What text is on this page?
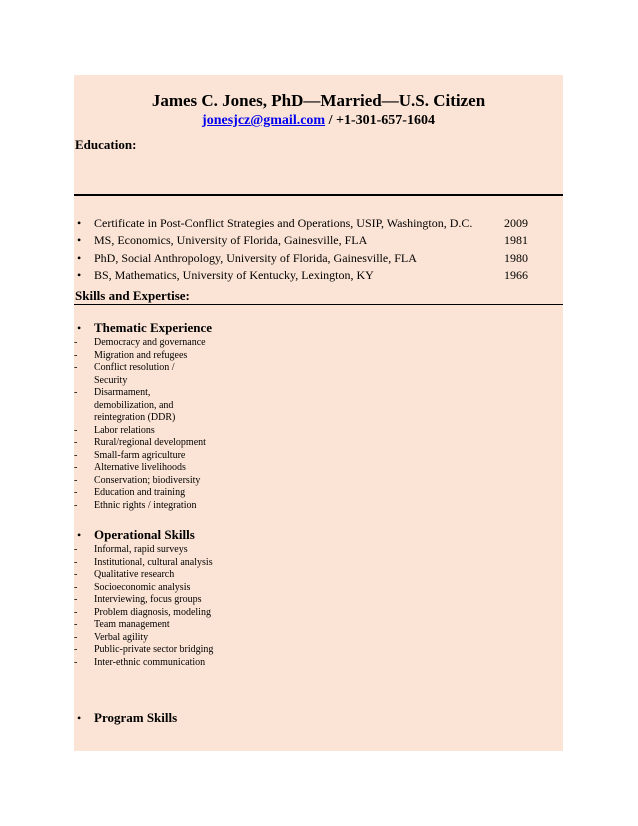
James C. Jones, PhD—Married—U.S. Citizen
jonesjcz@gmail.com / +1-301-657-1604
Education:
• Certificate in Post-Conflict Strategies and Operations, USIP, Washington, D.C.	2009
• MS, Economics, University of Florida, Gainesville, FLA	1981
• PhD, Social Anthropology, University of Florida, Gainesville, FLA	1980
• BS, Mathematics, University of Kentucky, Lexington, KY	1966
Skills and Expertise:
• Thematic Experience
- Democracy and governance
- Migration and refugees
- Conflict resolution / Security
- Disarmament, demobilization, and reintegration (DDR)
- Labor relations
- Rural/regional development
- Small-farm agriculture
- Alternative livelihoods
- Conservation; biodiversity
- Education and training
- Ethnic rights / integration
• Operational Skills
- Informal, rapid surveys
- Institutional, cultural analysis
- Qualitative research
- Socioeconomic analysis
- Interviewing, focus groups
- Problem diagnosis, modeling
- Team management
- Verbal agility
- Public-private sector bridging
- Inter-ethnic communication
• Program Skills
